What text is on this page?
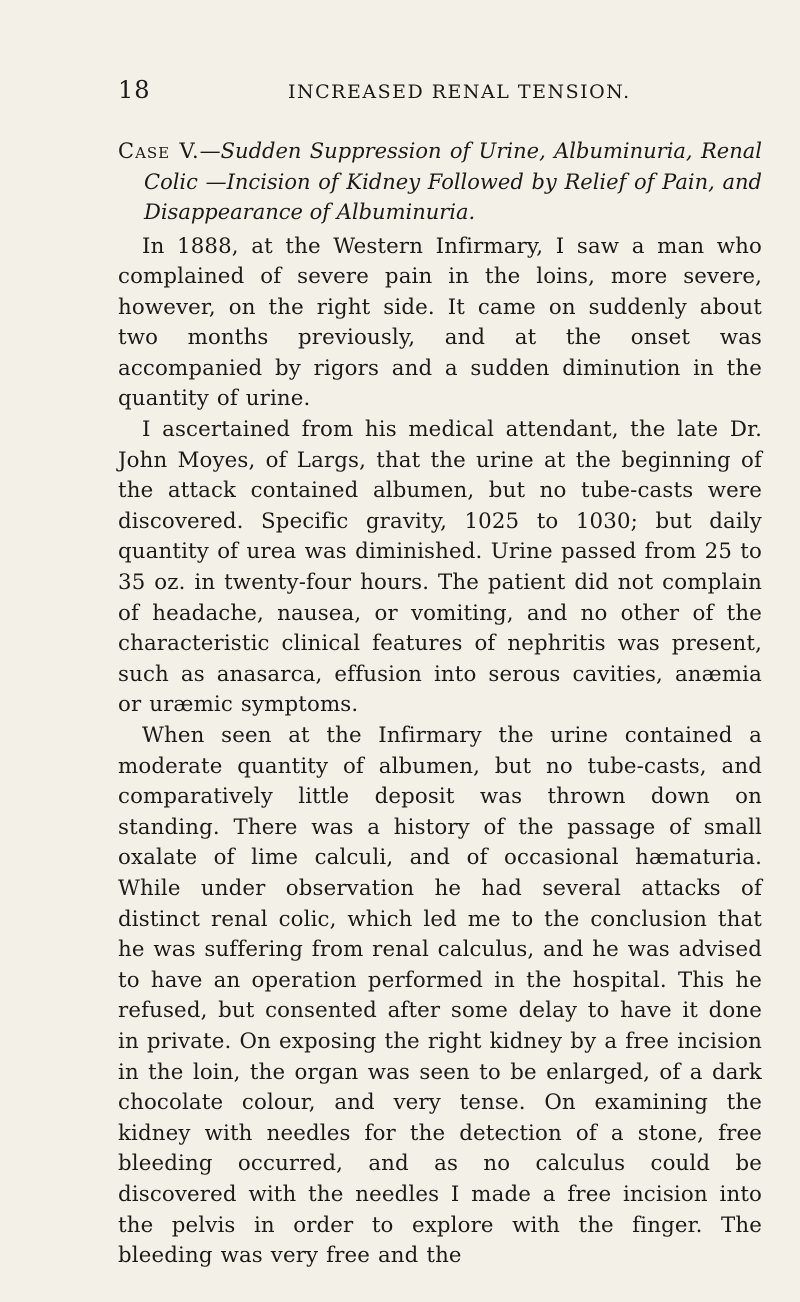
18	INCREASED RENAL TENSION.

Case V.—Sudden Suppression of Urine, Albuminuria, Renal Colic —Incision of Kidney Followed by Relief of Pain, and Disappearance of Albuminuria.

In 1888, at the Western Infirmary, I saw a man who complained of severe pain in the loins, more severe, however, on the right side. It came on suddenly about two months previously, and at the onset was accompanied by rigors and a sudden diminution in the quantity of urine.

I ascertained from his medical attendant, the late Dr. John Moyes, of Largs, that the urine at the beginning of the attack contained albumen, but no tube-casts were discovered. Specific gravity, 1025 to 1030; but daily quantity of urea was diminished. Urine passed from 25 to 35 oz. in twenty-four hours. The patient did not complain of headache, nausea, or vomiting, and no other of the characteristic clinical features of nephritis was present, such as anasarca, effusion into serous cavities, anæmia or uræmic symptoms.

When seen at the Infirmary the urine contained a moderate quantity of albumen, but no tube-casts, and comparatively little deposit was thrown down on standing. There was a history of the passage of small oxalate of lime calculi, and of occasional hæmaturia. While under observation he had several attacks of distinct renal colic, which led me to the conclusion that he was suffering from renal calculus, and he was advised to have an operation performed in the hospital. This he refused, but consented after some delay to have it done in private. On exposing the right kidney by a free incision in the loin, the organ was seen to be enlarged, of a dark chocolate colour, and very tense. On examining the kidney with needles for the detection of a stone, free bleeding occurred, and as no calculus could be discovered with the needles I made a free incision into the pelvis in order to explore with the finger. The bleeding was very free and the
